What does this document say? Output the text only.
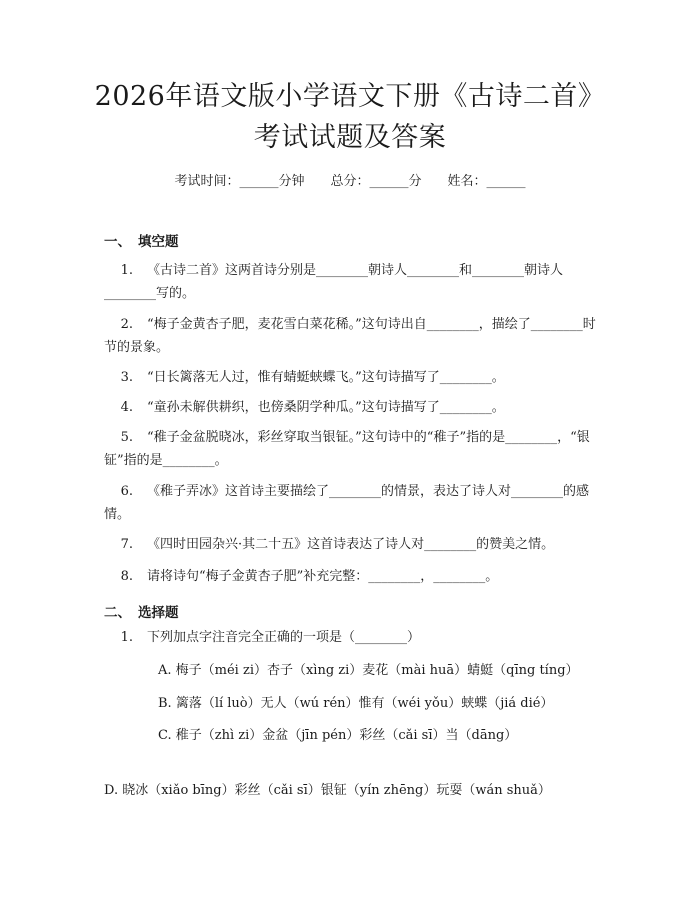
2026年语文版小学语文下册《古诗二首》考试试题及答案
考试时间：______分钟 总分：______分 姓名：______
一、 填空题
1. 《古诗二首》这两首诗分别是________朝诗人________和________朝诗人________写的。
2. “梅子金黄杏子肥，麦花雪白菜花稀。”这句诗出自________，描绘了________时节的景象。
3. “日长篱落无人过，惟有蜻蜓蛱蝶飞。”这句诗描写了________。
4. “童孙未解供耕织，也傍桑阴学种瓜。”这句诗描写了________。
5. “稚子金盆脱晓冰，彩丝穿取当银钲。”这句诗中的“稚子”指的是________，“银钲”指的是________。
6. 《稚子弄冰》这首诗主要描绘了________的情景，表达了诗人对________的感情。
7. 《四时田园杂兴·其二十五》这首诗表达了诗人对________的赞美之情。
8. 请将诗句“梅子金黄杏子肥”补充完整：________，________。
二、 选择题
1. 下列加点字注音完全正确的一项是（________）
A. 梅子（méi zi）杏子（xìng zi）麦花（mài huā）蜻蜓（qīng tíng）
B. 篱落（lí luò）无人（wú rén）惟有（wéi yǒu）蛱蝶（jiá dié）
C. 稚子（zhì zi）金盆（jīn pén）彩丝（cǎi sī）当（dāng）
D. 晓冰（xiǎo bīng）彩丝（cǎi sī）银钲（yín zhēng）玩耍（wán shuǎ）
